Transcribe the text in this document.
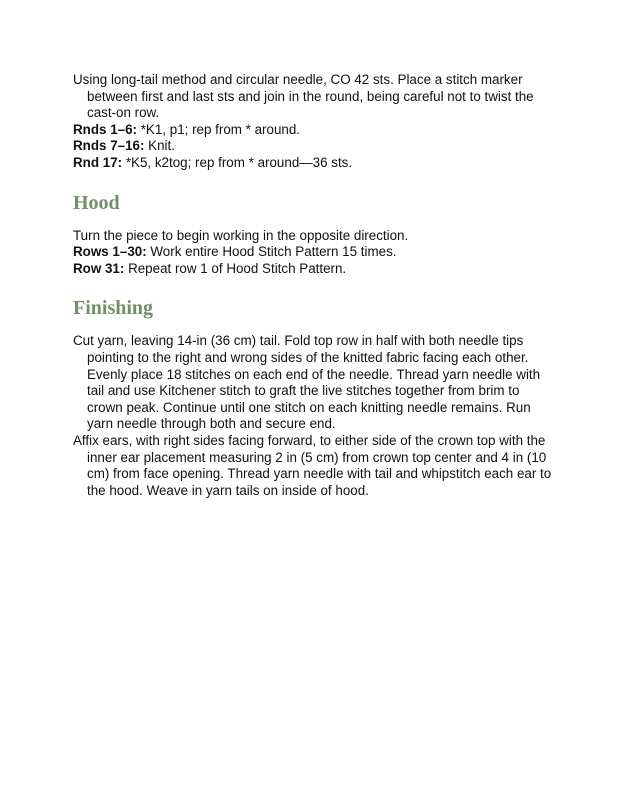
Using long-tail method and circular needle, CO 42 sts. Place a stitch marker between first and last sts and join in the round, being careful not to twist the cast-on row.

Rnds 1–6: *K1, p1; rep from * around.

Rnds 7–16: Knit.

Rnd 17: *K5, k2tog; rep from * around—36 sts.

Hood

Turn the piece to begin working in the opposite direction.

Rows 1–30: Work entire Hood Stitch Pattern 15 times.

Row 31: Repeat row 1 of Hood Stitch Pattern.

Finishing

Cut yarn, leaving 14-in (36 cm) tail. Fold top row in half with both needle tips pointing to the right and wrong sides of the knitted fabric facing each other. Evenly place 18 stitches on each end of the needle. Thread yarn needle with tail and use Kitchener stitch to graft the live stitches together from brim to crown peak. Continue until one stitch on each knitting needle remains. Run yarn needle through both and secure end.

Affix ears, with right sides facing forward, to either side of the crown top with the inner ear placement measuring 2 in (5 cm) from crown top center and 4 in (10 cm) from face opening. Thread yarn needle with tail and whipstitch each ear to the hood. Weave in yarn tails on inside of hood.
